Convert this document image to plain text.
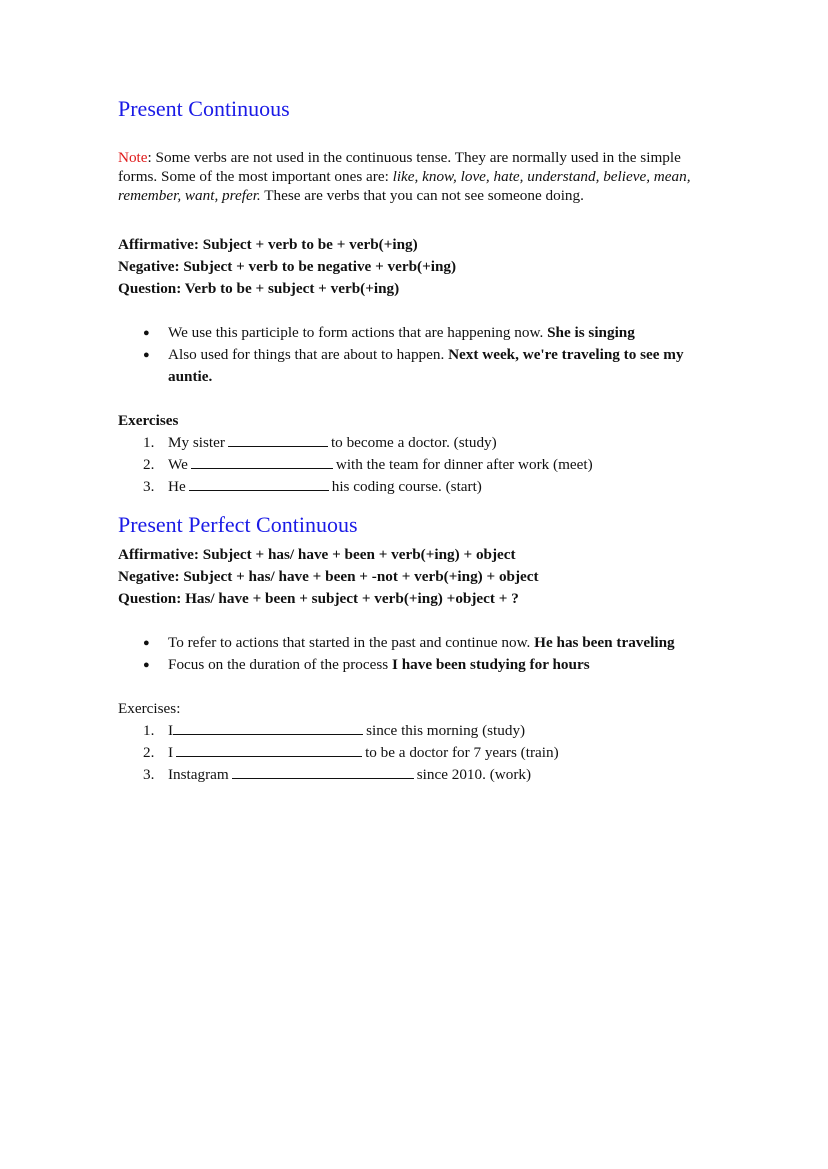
Present Continuous

Note: Some verbs are not used in the continuous tense. They are normally used in the simple forms. Some of the most important ones are: like, know, love, hate, understand, believe, mean, remember, want, prefer. These are verbs that you can not see someone doing.

Affirmative: Subject + verb to be + verb(+ing)
Negative: Subject + verb to be negative + verb(+ing)
Question: Verb to be + subject + verb(+ing)
● We use this participle to form actions that are happening now. She is singing
● Also used for things that are about to happen. Next week, we're traveling to see my auntie.
Exercises
1. My sister	to become a doctor. (study)
2. We	with the team for dinner after work (meet)
3. He	his coding course. (start)
Present Perfect Continuous
Affirmative: Subject + has/ have + been + verb(+ing) + object
Negative: Subject + has/ have + been + -not + verb(+ing) + object
Question: Has/ have + been + subject + verb(+ing) +object + ?
● To refer to actions that started in the past and continue now. He has been traveling
● Focus on the duration of the process I have been studying for hours
Exercises:
1. I	since this morning (study)
2. I	to be a doctor for 7 years (train)
3. Instagram	since 2010. (work)
